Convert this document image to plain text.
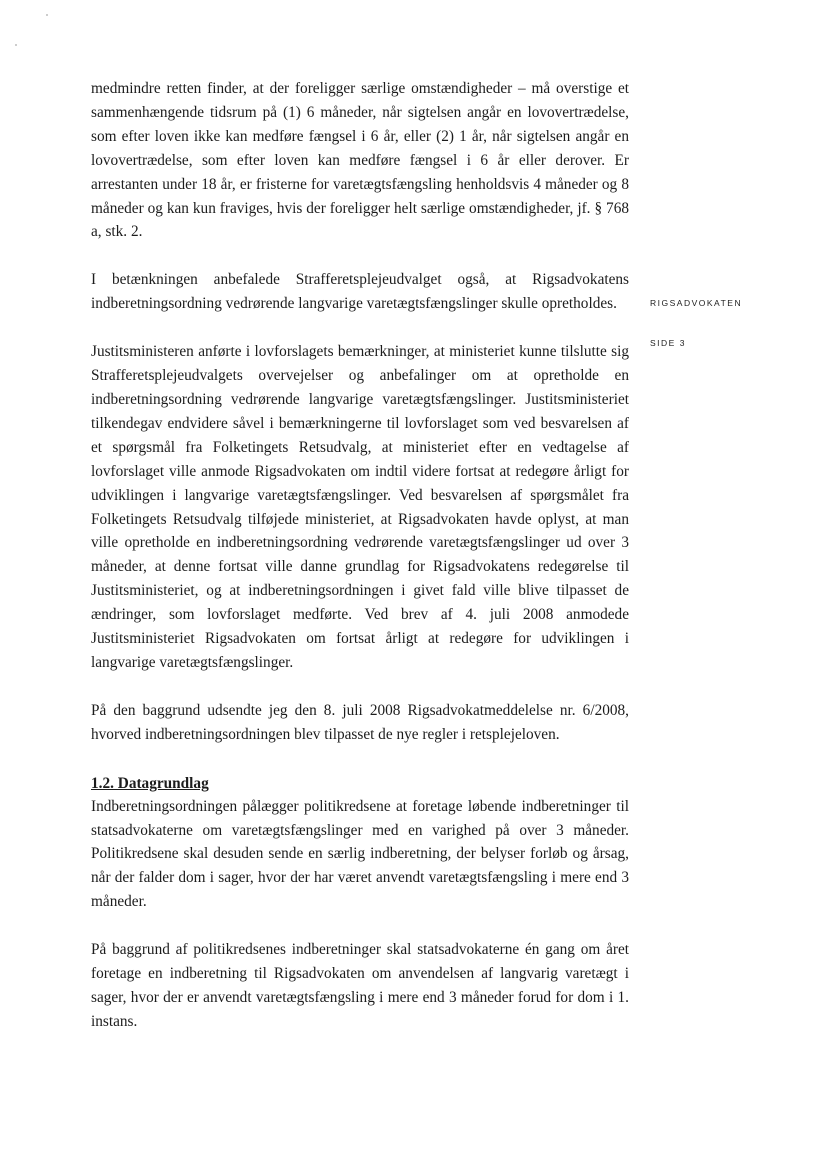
RIGSADVOKATEN
SIDE 3

medmindre retten finder, at der foreligger særlige omstændigheder – må overstige et sammenhængende tidsrum på (1) 6 måneder, når sigtelsen angår en lovovertrædelse, som efter loven ikke kan medføre fængsel i 6 år, eller (2) 1 år, når sigtelsen angår en lovovertrædelse, som efter loven kan medføre fængsel i 6 år eller derover. Er arrestanten under 18 år, er fristerne for varetægtsfængsling henholdsvis 4 måneder og 8 måneder og kan kun fraviges, hvis der foreligger helt særlige omstændigheder, jf. § 768 a, stk. 2.

I betænkningen anbefalede Strafferetsplejeudvalget også, at Rigsadvokatens indberetningsordning vedrørende langvarige varetægtsfængslinger skulle opretholdes.

Justitsministeren anførte i lovforslagets bemærkninger, at ministeriet kunne tilslutte sig Strafferetsplejeudvalgets overvejelser og anbefalinger om at opretholde en indberetningsordning vedrørende langvarige varetægtsfængslinger. Justitsministeriet tilkendegav endvidere såvel i bemærkningerne til lovforslaget som ved besvarelsen af et spørgsmål fra Folketingets Retsudvalg, at ministeriet efter en vedtagelse af lovforslaget ville anmode Rigsadvokaten om indtil videre fortsat at redegøre årligt for udviklingen i langvarige varetægtsfængslinger. Ved besvarelsen af spørgsmålet fra Folketingets Retsudvalg tilføjede ministeriet, at Rigsadvokaten havde oplyst, at man ville opretholde en indberetningsordning vedrørende varetægtsfængslinger ud over 3 måneder, at denne fortsat ville danne grundlag for Rigsadvokatens redegørelse til Justitsministeriet, og at indberetningsordningen i givet fald ville blive tilpasset de ændringer, som lovforslaget medførte. Ved brev af 4. juli 2008 anmodede Justitsministeriet Rigsadvokaten om fortsat årligt at redegøre for udviklingen i langvarige varetægtsfængslinger.

På den baggrund udsendte jeg den 8. juli 2008 Rigsadvokatmeddelelse nr. 6/2008, hvorved indberetningsordningen blev tilpasset de nye regler i retsplejeloven.

1.2. Datagrundlag

Indberetningsordningen pålægger politikredsene at foretage løbende indberetninger til statsadvokaterne om varetægtsfængslinger med en varighed på over 3 måneder. Politikredsene skal desuden sende en særlig indberetning, der belyser forløb og årsag, når der falder dom i sager, hvor der har været anvendt varetægtsfængsling i mere end 3 måneder.

På baggrund af politikredsenes indberetninger skal statsadvokaterne én gang om året foretage en indberetning til Rigsadvokaten om anvendelsen af langvarig varetægt i sager, hvor der er anvendt varetægtsfængsling i mere end 3 måneder forud for dom i 1. instans.
